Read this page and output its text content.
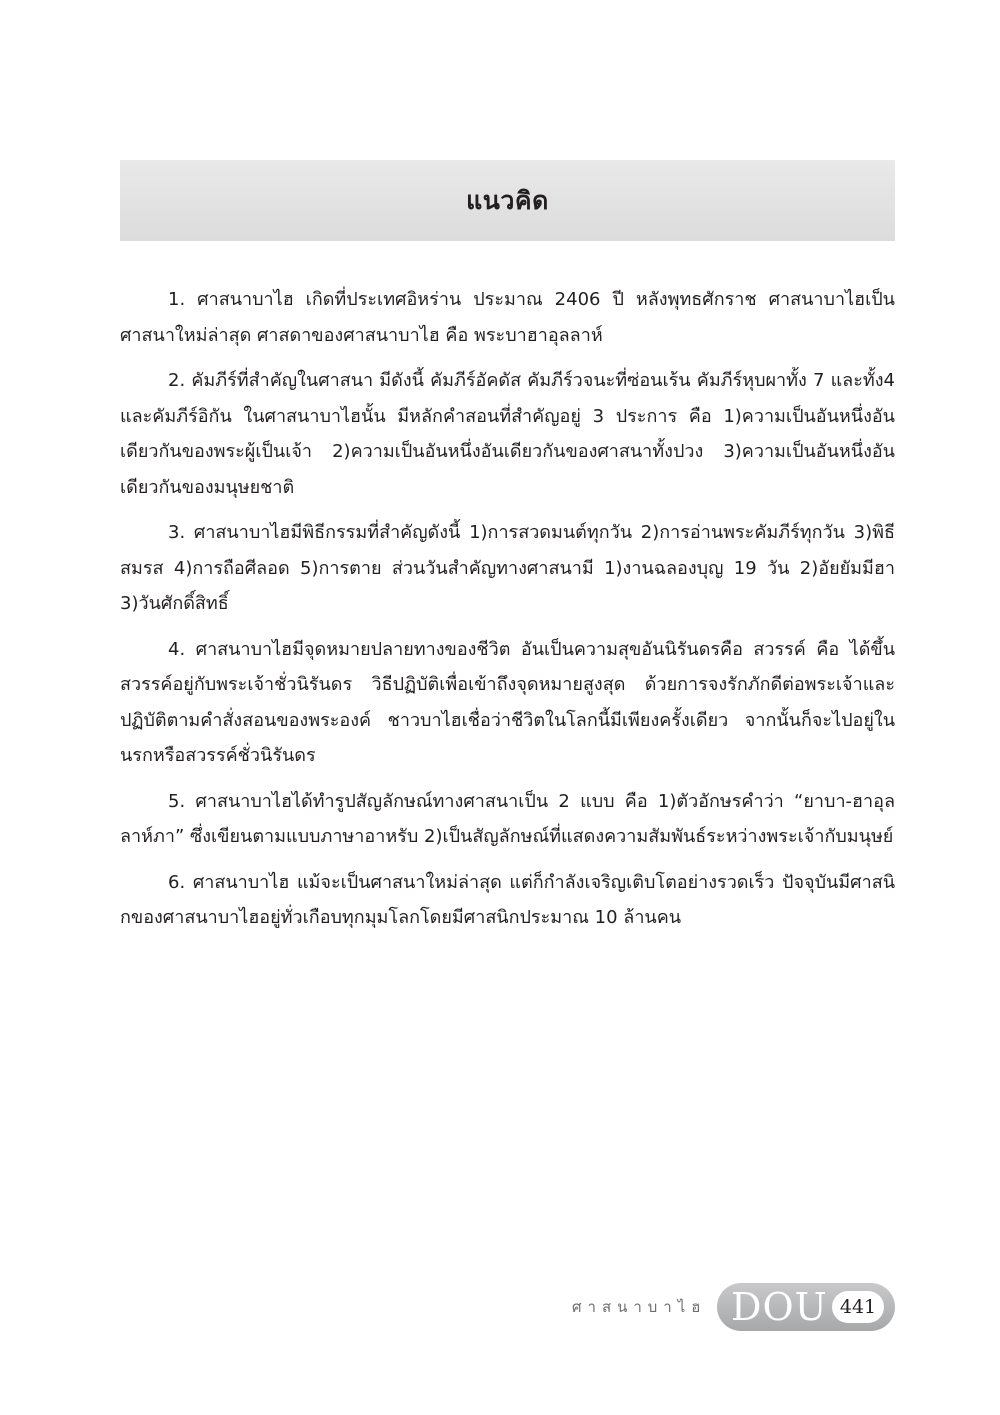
แนวคิด

1. ศาสนาบาไฮ เกิดที่ประเทศอิหร่าน ประมาณ 2406 ปี หลังพุทธศักราช ศาสนาบาไฮเป็นศาสนาใหม่ล่าสุด ศาสดาของศาสนาบาไฮ คือ พระบาฮาอุลลาห์

2. คัมภีร์ที่สำคัญในศาสนา มีดังนี้ คัมภีร์อัคดัส คัมภีร์วจนะที่ซ่อนเร้น คัมภีร์หุบผาทั้ง 7 และทั้ง4 และคัมภีร์อิกัน ในศาสนาบาไฮนั้น มีหลักคำสอนที่สำคัญอยู่ 3 ประการ คือ 1)ความเป็นอันหนึ่งอันเดียวกันของพระผู้เป็นเจ้า 2)ความเป็นอันหนึ่งอันเดียวกันของศาสนาทั้งปวง 3)ความเป็นอันหนึ่งอันเดียวกันของมนุษยชาติ

3. ศาสนาบาไฮมีพิธีกรรมที่สำคัญดังนี้ 1)การสวดมนต์ทุกวัน 2)การอ่านพระคัมภีร์ทุกวัน 3)พิธีสมรส 4)การถือศีลอด 5)การตาย ส่วนวันสำคัญทางศาสนามี 1)งานฉลองบุญ 19 วัน 2)อัยยัมมีฮา 3)วันศักดิ์สิทธิ์

4. ศาสนาบาไฮมีจุดหมายปลายทางของชีวิต อันเป็นความสุขอันนิรันดรคือ สวรรค์ คือ ได้ขึ้นสวรรค์อยู่กับพระเจ้าชั่วนิรันดร วิธีปฏิบัติเพื่อเข้าถึงจุดหมายสูงสุด ด้วยการจงรักภักดีต่อพระเจ้าและปฏิบัติตามคำสั่งสอนของพระองค์ ชาวบาไฮเชื่อว่าชีวิตในโลกนี้มีเพียงครั้งเดียว จากนั้นก็จะไปอยู่ในนรกหรือสวรรค์ชั่วนิรันดร

5. ศาสนาบาไฮได้ทำรูปสัญลักษณ์ทางศาสนาเป็น 2 แบบ คือ 1)ตัวอักษรคำว่า “ยาบา-ฮาอุลลาห์ภา” ซึ่งเขียนตามแบบภาษาอาหรับ 2)เป็นสัญลักษณ์ที่แสดงความสัมพันธ์ระหว่างพระเจ้ากับมนุษย์

6. ศาสนาบาไฮ แม้จะเป็นศาสนาใหม่ล่าสุด แต่ก็กำลังเจริญเติบโตอย่างรวดเร็ว ปัจจุบันมีศาสนิกของศาสนาบาไฮอยู่ทั่วเกือบทุกมุมโลกโดยมีศาสนิกประมาณ 10 ล้านคน

ศาสนาบาไฮ DOU 441
